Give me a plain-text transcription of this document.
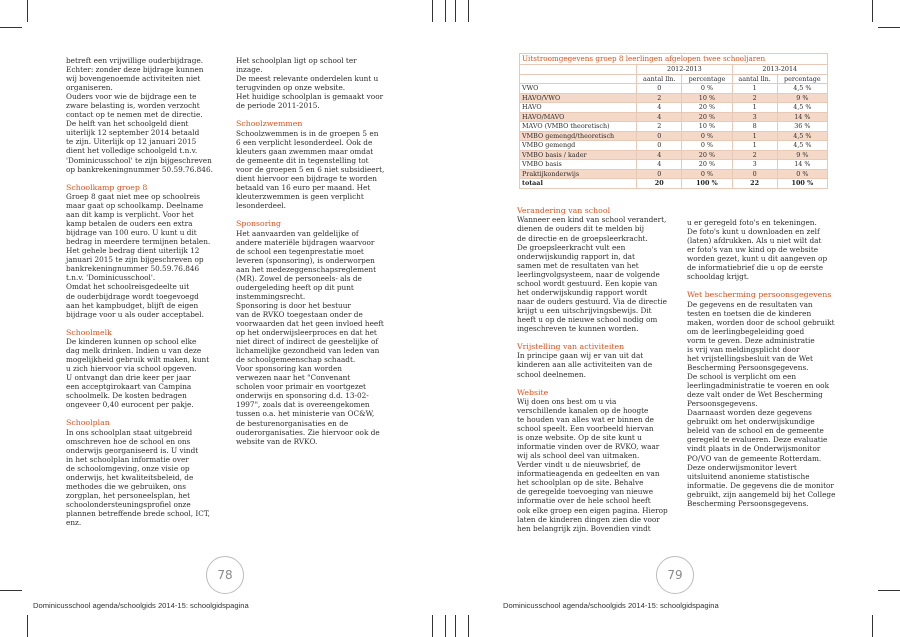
betreft een vrijwillige ouderbijdrage.
Echter: zonder deze bijdrage kunnen
wij bovengenoemde activiteiten niet
organiseren.
Ouders voor wie de bijdrage een te
zware belasting is, worden verzocht
contact op te nemen met de directie.
De helft van het schoolgeld dient
uiterlijk 12 september 2014 betaald
te zijn. Uiterlijk op 12 januari 2015
dient het volledige schoolgeld t.n.v.
'Dominicusschool' te zijn bijgeschreven
op bankrekeningnummer 50.59.76.846.

Schoolkamp groep 8

Groep 8 gaat niet mee op schoolreis
maar gaat op schoolkamp. Deelname
aan dit kamp is verplicht. Voor het
kamp betalen de ouders een extra
bijdrage van 100 euro. U kunt u dit
bedrag in meerdere termijnen betalen.
Het gehele bedrag dient uiterlijk 12
januari 2015 te zijn bijgeschreven op
bankrekeningnummer 50.59.76.846
t.n.v. 'Dominicusschool'.
Omdat het schoolreisgedeelte uit
de ouderbijdrage wordt toegevoegd
aan het kampbudget, blijft de eigen
bijdrage voor u als ouder acceptabel.

Schoolmelk

De kinderen kunnen op school elke
dag melk drinken. Indien u van deze
mogelijkheid gebruik wilt maken, kunt
u zich hiervoor via school opgeven.
U ontvangt dan drie keer per jaar
een acceptgirokaart van Campina
schoolmelk. De kosten bedragen
ongeveer 0,40 eurocent per pakje.

Schoolplan

In ons schoolplan staat uitgebreid
omschreven hoe de school en ons
onderwijs georganiseerd is. U vindt
in het schoolplan informatie over
de schoolomgeving, onze visie op
onderwijs, het kwaliteitsbeleid, de
methodes die we gebruiken, ons
zorgplan, het personeelsplan, het
schoolondersteuningsprofiel onze
plannen betreffende brede school, ICT,
enz.

Het schoolplan ligt op school ter
inzage.
De meest relevante onderdelen kunt u
terugvinden op onze website.
Het huidige schoolplan is gemaakt voor
de periode 2011-2015.

Schoolzwemmen

Schoolzwemmen is in de groepen 5 en
6 een verplicht lesonderdeel. Ook de
kleuters gaan zwemmen maar omdat
de gemeente dit in tegenstelling tot
voor de groepen 5 en 6 niet subsidieert,
dient hiervoor een bijdrage te worden
betaald van 16 euro per maand. Het
kleuterzwemmen is geen verplicht
lesonderdeel.

Sponsoring

Het aanvaarden van geldelijke of
andere materiële bijdragen waarvoor
de school een tegenprestatie moet
leveren (sponsoring), is onderworpen
aan het medezeggenschapsreglement
(MR). Zowel de personeels- als de
oudergeleding heeft op dit punt
instemmingsrecht.
Sponsoring is door het bestuur
van de RVKO toegestaan onder de
voorwaarden dat het geen invloed heeft
op het onderwijsleerproces en dat het
niet direct of indirect de geestelijke of
lichamelijke gezondheid van leden van
de schoolgemeenschap schaadt.
Voor sponsoring kan worden
verwezen naar het "Convenant
scholen voor primair en voortgezet
onderwijs en sponsoring d.d. 13-02-
1997", zoals dat is overeengekomen
tussen o.a. het ministerie van OC&W,
de besturenorganisaties en de
ouderorganisaties. Zie hiervoor ook de
website van de RVKO.

78
Dominicusschool agenda/schoolgids 2014-15: schoolgidspagina
Uitstroomgegevens groep 8 leerlingen afgelopen twee schooljaren				
	2012-2013		2013-2014	
	aantal lln.	percentage	aantal lln.	percentage
VWO	0	0 %	1	4,5 %
HAVO/VWO	2	10 %	2	9 %
HAVO	4	20 %	1	4,5 %
HAVO/MAVO	4	20 %	3	14 %
MAVO (VMBO theoretisch)	2	10 %	8	36 %
VMBO gemengd/theoretisch	0	0 %	1	4,5 %
VMBO gemengd	0	0 %	1	4,5 %
VMBO basis / kader	4	20 %	2	9 %
VMBO basis	4	20 %	3	14 %
Praktijkonderwijs	0	0 %	0	0 %
totaal	20	100 %	22	100 %
Verandering van school

Wanneer een kind van school verandert,
dienen de ouders dit te melden bij
de directie en de groepsleerkracht.
De groepsleerkracht vult een
onderwijskundig rapport in, dat
samen met de resultaten van het
leerlingvolgsysteem, naar de volgende
school wordt gestuurd. Een kopie van
het onderwijskundig rapport wordt
naar de ouders gestuurd. Via de directie
krijgt u een uitschrijvingsbewijs. Dit
heeft u op de nieuwe school nodig om
ingeschreven te kunnen worden.

Vrijstelling van activiteiten

In principe gaan wij er van uit dat
kinderen aan alle activiteiten van de
school deelnemen.

Website

Wij doen ons best om u via
verschillende kanalen op de hoogte
te houden van alles wat er binnen de
school speelt. Een voorbeeld hiervan
is onze website. Op de site kunt u
informatie vinden over de RVKO, waar
wij als school deel van uitmaken.
Verder vindt u de nieuwsbrief, de
informatieagenda en gedeelten en van
het schoolplan op de site. Behalve
de geregelde toevoeging van nieuwe
informatie over de hele school heeft
ook elke groep een eigen pagina. Hierop
laten de kinderen dingen zien die voor
hen belangrijk zijn. Bovendien vindt

u er geregeld foto's en tekeningen.
De foto's kunt u downloaden en zelf
(laten) afdrukken. Als u niet wilt dat
er foto's van uw kind op de website
worden gezet, kunt u dit aangeven op
de informatiebrief die u op de eerste
schooldag krijgt.

Wet bescherming persoonsgegevens

De gegevens en de resultaten van
testen en toetsen die de kinderen
maken, worden door de school gebruikt
om de leerlingbegeleiding goed
vorm te geven. Deze administratie
is vrij van meldingsplicht door
het vrijstellingsbesluit van de Wet
Bescherming Persoonsgegevens.
De school is verplicht om een
leerlingadministratie te voeren en ook
deze valt onder de Wet Bescherming
Persoonsgegevens.
Daarnaast worden deze gegevens
gebruikt om het onderwijskundige
beleid van de school en de gemeente
geregeld te evalueren. Deze evaluatie
vindt plaats in de Onderwijsmonitor
PO/VO van de gemeente Rotterdam.
Deze onderwijsmonitor levert
uitsluitend anonieme statistische
informatie. De gegevens die de monitor
gebruikt, zijn aangemeld bij het College
Bescherming Persoonsgegevens.

79
Dominicusschool agenda/schoolgids 2014-15: schoolgidspagina
